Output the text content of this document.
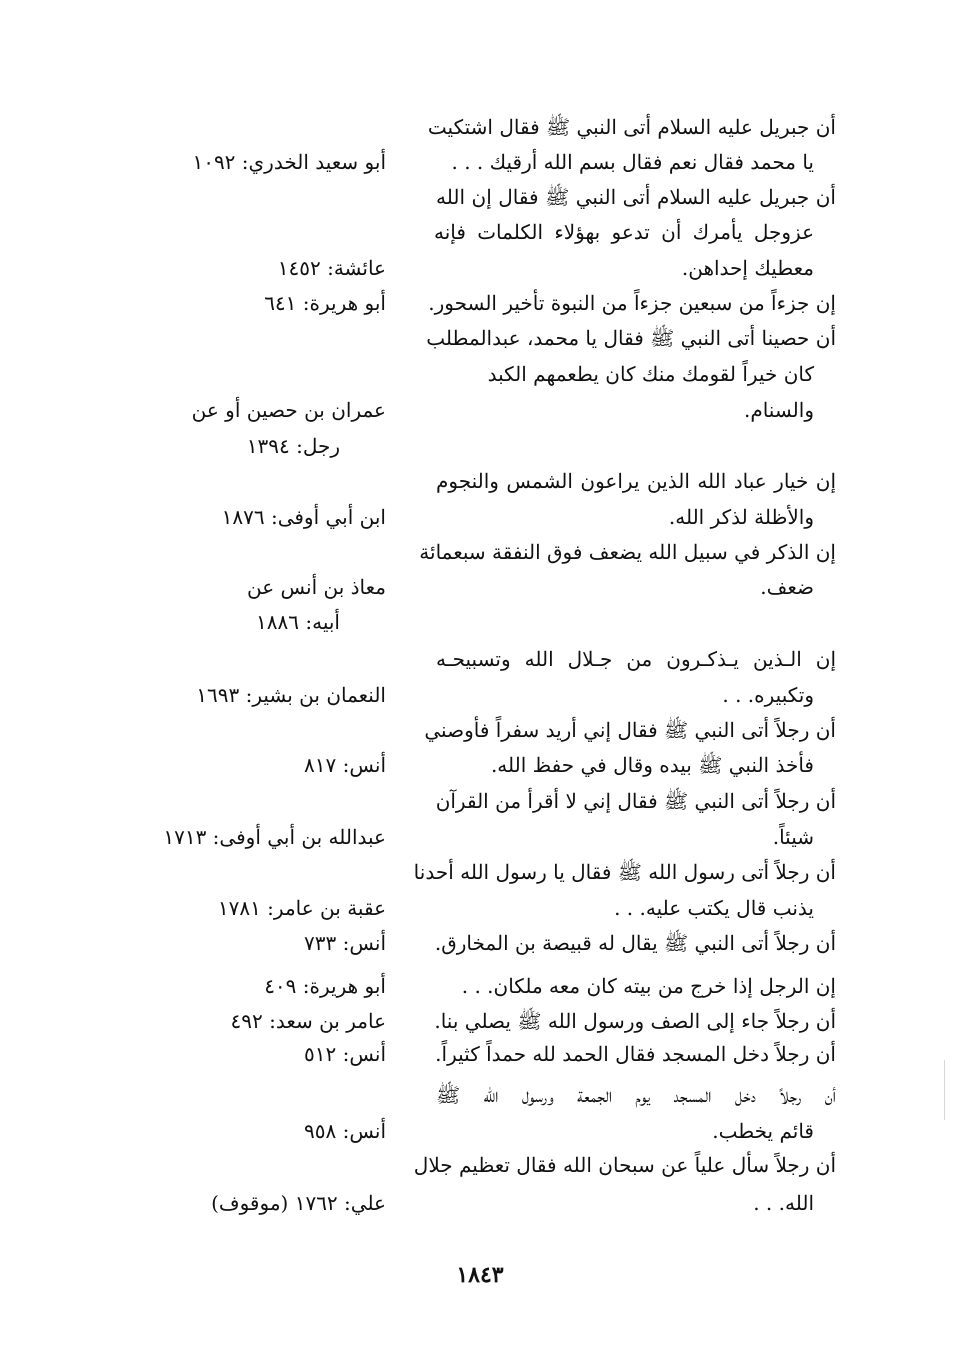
أن جبريل عليه السلام أتى النبي ﷺ فقال اشتكيت
يا محمد فقال نعم فقال بسم الله أرقيك . . .
أبو سعيد الخدري: ١٠٩٢
أن جبريل عليه السلام أتى النبي ﷺ فقال إن الله
عزوجل يأمرك أن تدعو بهؤلاء الكلمات فإنه
معطيك إحداهن.
عائشة: ١٤٥٢
إن جزءاً من سبعين جزءاً من النبوة تأخير السحور.
أبو هريرة: ٦٤١
أن حصينا أتى النبي ﷺ فقال يا محمد، عبدالمطلب
كان خيراً لقومك منك كان يطعمهم الكبد
والسنام.
عمران بن حصين أو عن
رجل: ١٣٩٤
إن خيار عباد الله الذين يراعون الشمس والنجوم
والأظلة لذكر الله.
ابن أبي أوفى: ١٨٧٦
إن الذكر في سبيل الله يضعف فوق النفقة سبعمائة
ضعف.
معاذ بن أنس عن
أبيه: ١٨٨٦
إن الـذين يـذكـرون من جـلال الله وتسبيحـه
وتكبيره. . .
النعمان بن بشير: ١٦٩٣
أن رجلاً أتى النبي ﷺ فقال إني أريد سفراً فأوصني
فأخذ النبي ﷺ بيده وقال في حفظ الله.
أنس: ٨١٧
أن رجلاً أتى النبي ﷺ فقال إني لا أقرأ من القرآن
شيئاً.
عبدالله بن أبي أوفى: ١٧١٣
أن رجلاً أتى رسول الله ﷺ فقال يا رسول الله أحدنا
يذنب قال يكتب عليه. . .
عقبة بن عامر: ١٧٨١
أن رجلاً أتى النبي ﷺ يقال له قبيصة بن المخارق.
أنس: ٧٣٣
إن الرجل إذا خرج من بيته كان معه ملكان. . .
أبو هريرة: ٤٠٩
أن رجلاً جاء إلى الصف ورسول الله ﷺ يصلي بنا.
عامر بن سعد: ٤٩٢
أن رجلاً دخل المسجد فقال الحمد لله حمداً كثيراً.
أنس: ٥١٢
أن رجلاً دخل المسجد يوم الجمعة ورسول الله ﷺ
قائم يخطب.
أنس: ٩٥٨
أن رجلاً سأل علياً عن سبحان الله فقال تعظيم جلال
الله. . .
علي: ١٧٦٢ (موقوف)
١٨٤٣
